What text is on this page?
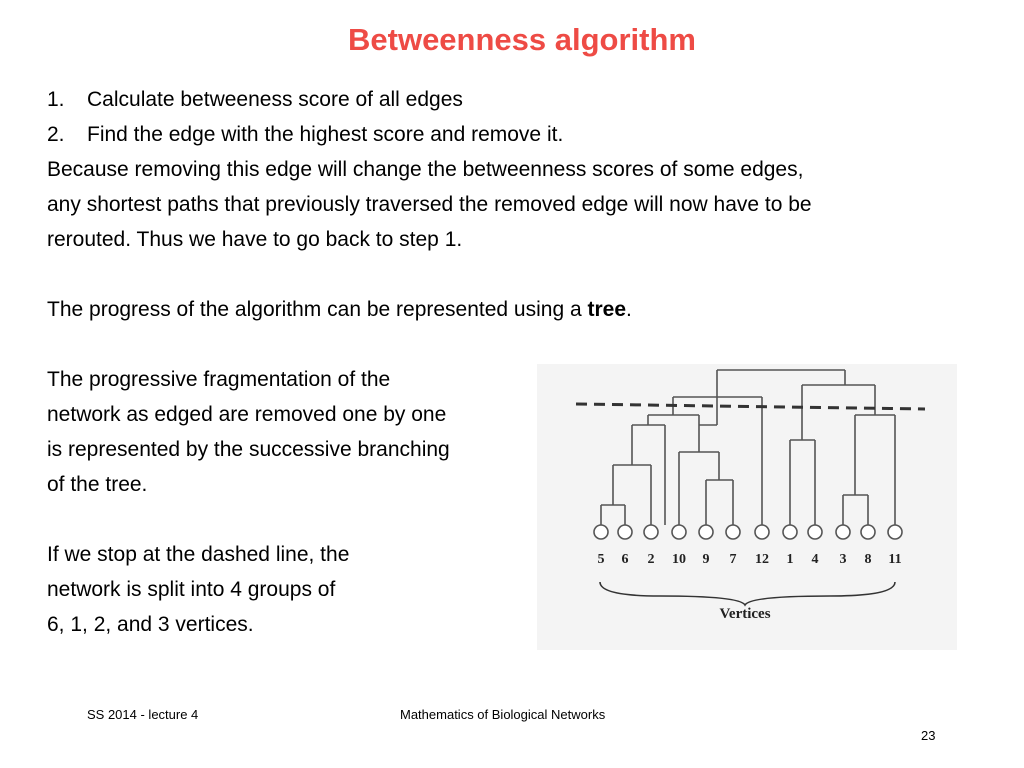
Betweenness algorithm
1.	Calculate betweeness score of all edges
2.	Find the edge with the highest score and remove it.

Because removing this edge will change the betweenness scores of some edges,

any shortest paths that previously traversed the removed edge will now have to be

rerouted. Thus we have to go back to step 1.

The progress of the algorithm can be represented using a tree.

The progressive fragmentation of the

network as edged are removed one by one

is represented by the successive branching

of the tree.

If we stop at the dashed line, the

network is split into 4 groups of

6, 1, 2, and 3 vertices.

5 6 2 10 9 7 12 1 4 3 8 11
Vertices
SS 2014 - lecture 4	Mathematics of Biological Networks
23
